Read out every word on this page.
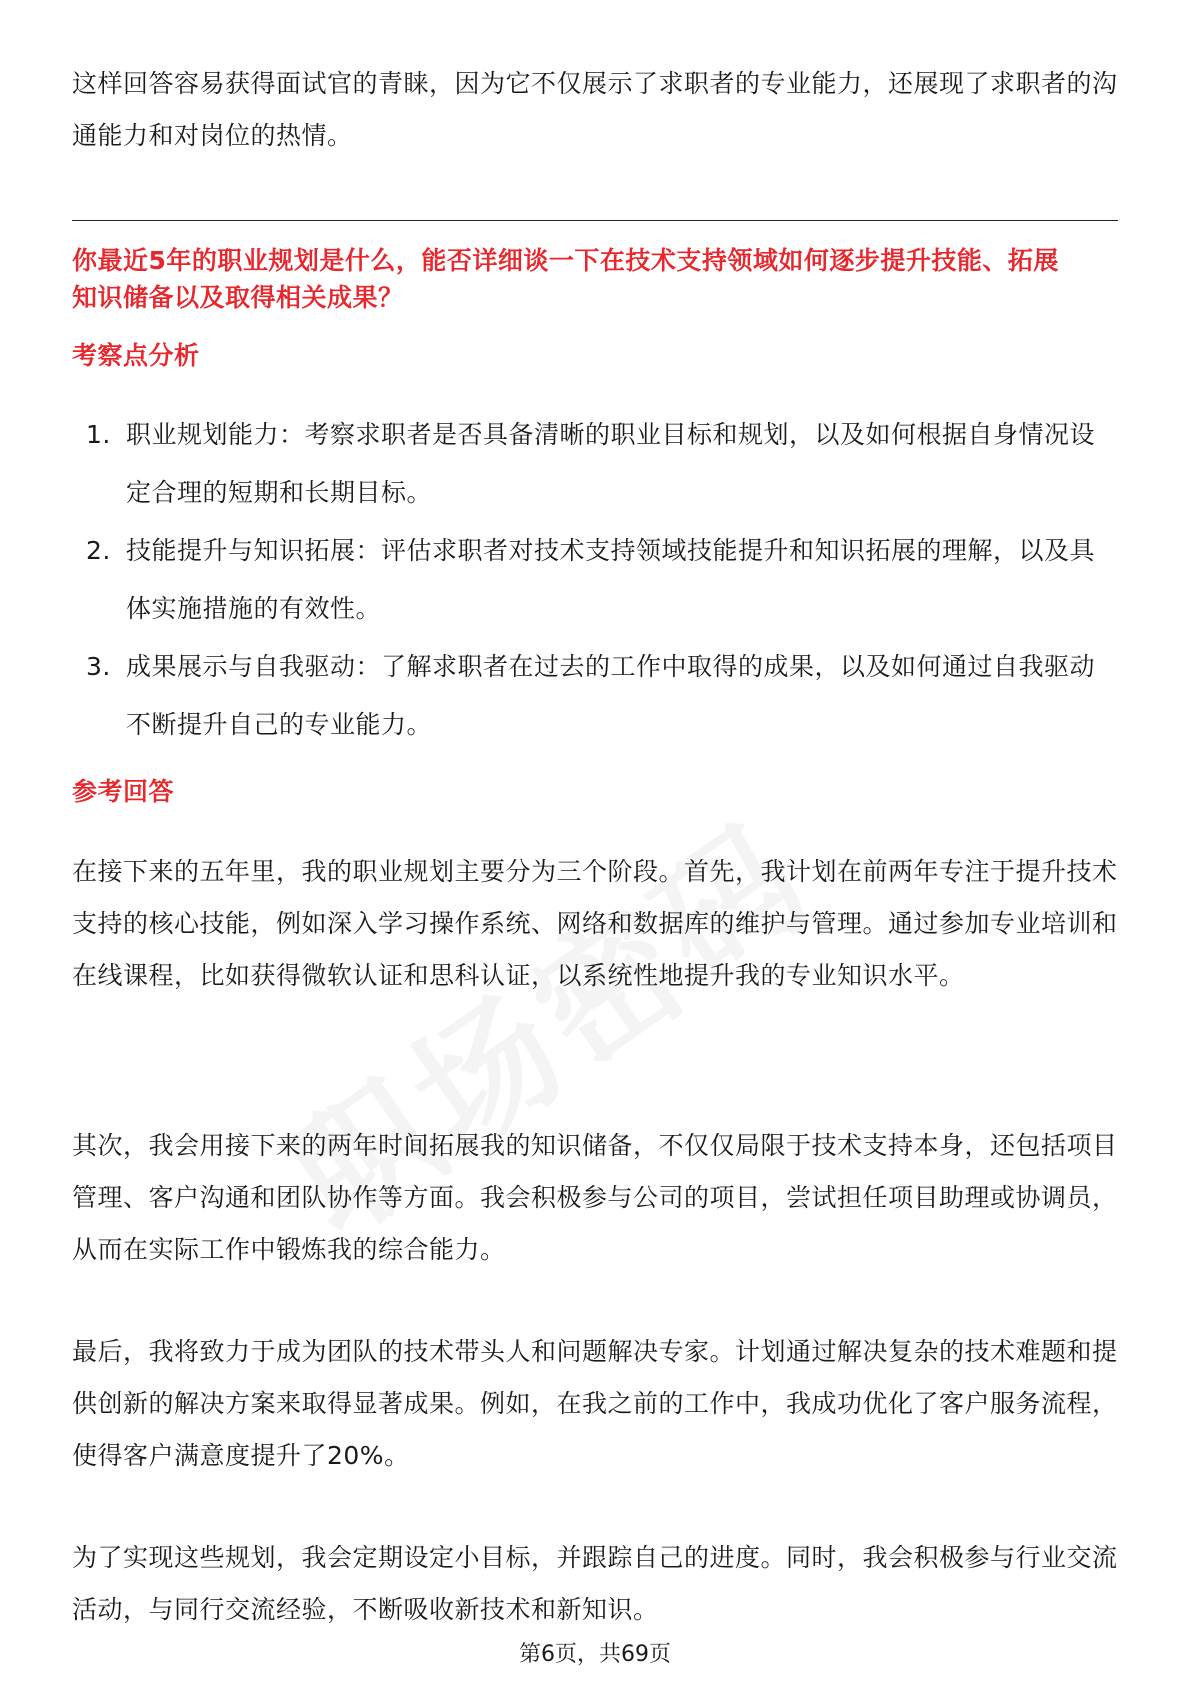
这样回答容易获得面试官的青睐，因为它不仅展示了求职者的专业能力，还展现了求职者的沟通能力和对岗位的热情。

你最近5年的职业规划是什么，能否详细谈一下在技术支持领域如何逐步提升技能、拓展知识储备以及取得相关成果？

考察点分析
1. 职业规划能力：考察求职者是否具备清晰的职业目标和规划，以及如何根据自身情况设定合理的短期和长期目标。
2. 技能提升与知识拓展：评估求职者对技术支持领域技能提升和知识拓展的理解，以及具体实施措施的有效性。
3. 成果展示与自我驱动：了解求职者在过去的工作中取得的成果，以及如何通过自我驱动不断提升自己的专业能力。
参考回答

在接下来的五年里，我的职业规划主要分为三个阶段。首先，我计划在前两年专注于提升技术支持的核心技能，例如深入学习操作系统、网络和数据库的维护与管理。通过参加专业培训和在线课程，比如获得微软认证和思科认证，以系统性地提升我的专业知识水平。

其次，我会用接下来的两年时间拓展我的知识储备，不仅仅局限于技术支持本身，还包括项目管理、客户沟通和团队协作等方面。我会积极参与公司的项目，尝试担任项目助理或协调员，从而在实际工作中锻炼我的综合能力。

最后，我将致力于成为团队的技术带头人和问题解决专家。计划通过解决复杂的技术难题和提供创新的解决方案来取得显著成果。例如，在我之前的工作中，我成功优化了客户服务流程，使得客户满意度提升了20%。

为了实现这些规划，我会定期设定小目标，并跟踪自己的进度。同时，我会积极参与行业交流活动，与同行交流经验，不断吸收新技术和新知识。

第6页，共69页
